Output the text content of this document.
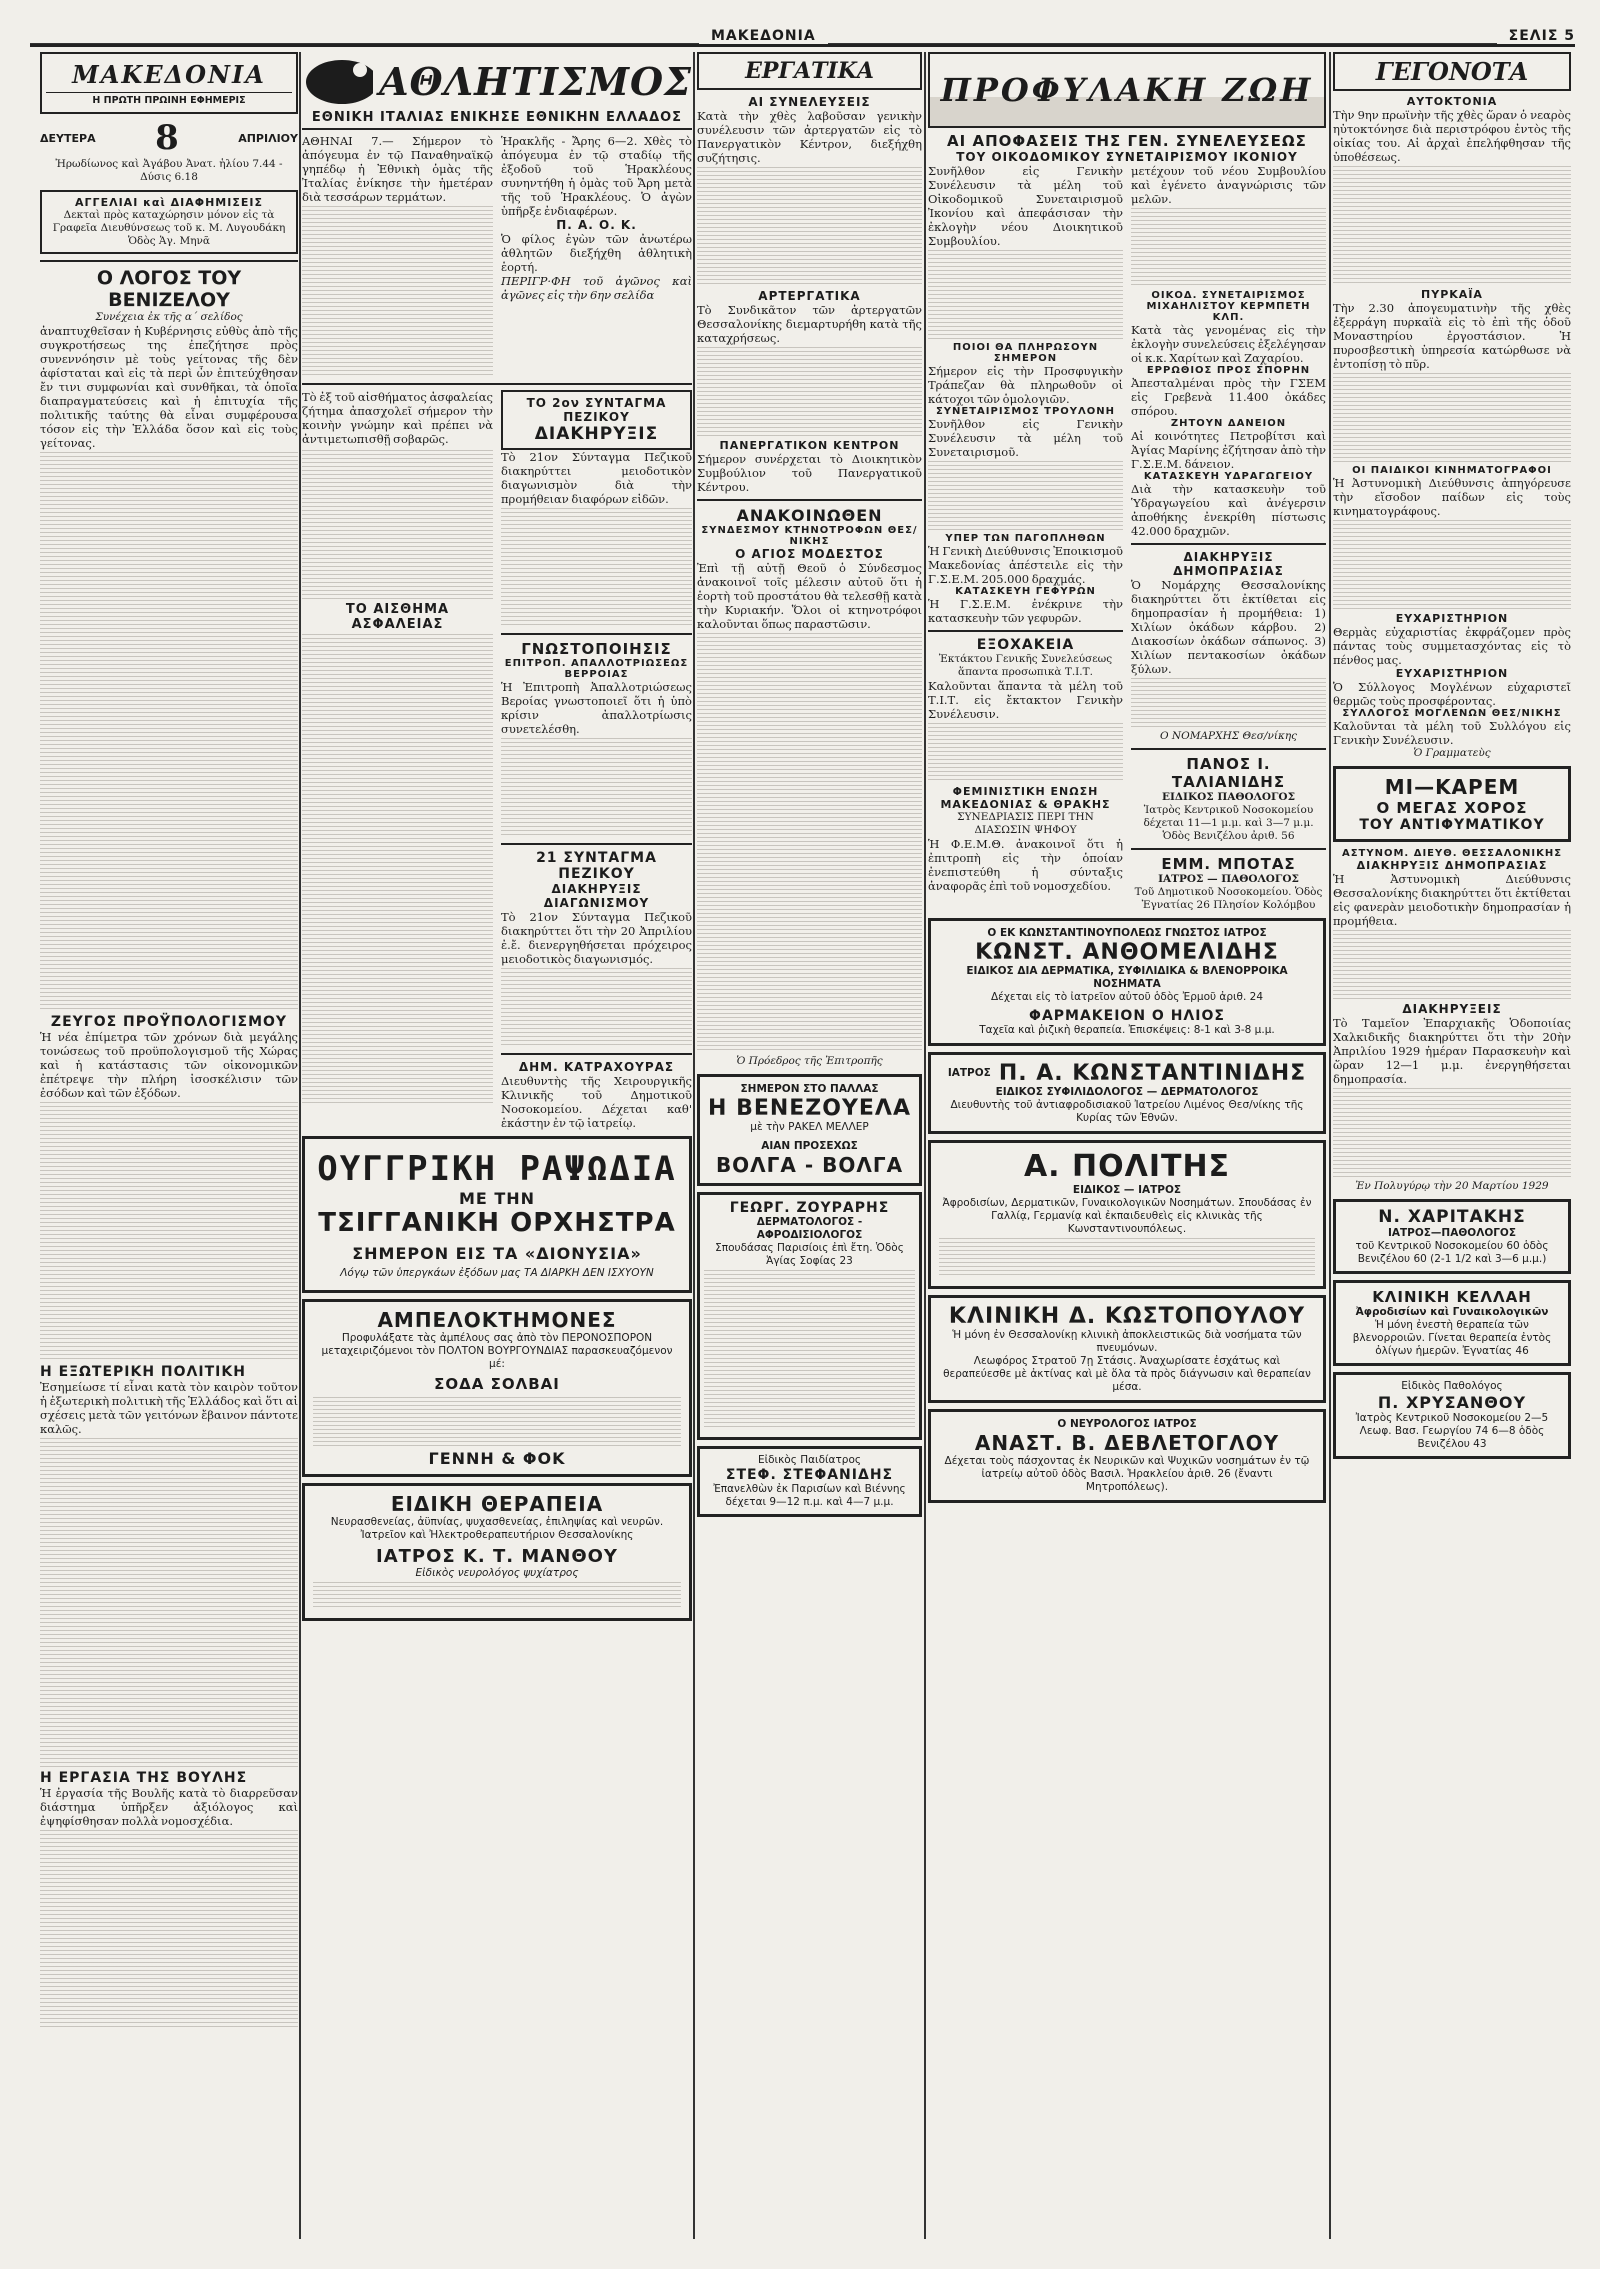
ΜΑΚΕΔΟΝΙΑ	ΣΕΛΙΣ 5
ΜΑΚΕΔΟΝΙΑ
Η ΠΡΩΤΗ ΠΡΩΙΝΗ ΕΦΗΜΕΡΙΣ
ΔΕΥΤΕΡΑ 8	ΑΠΡΙΛΙΟΥ
Ἠρωδίωνος καὶ Ἀγάβου Ἀνατ. ἡλίου 7.44 - Δύσις 6.18
ΑΓΓΕΛΙΑΙ καὶ ΔΙΑΦΗΜΙΣΕΙΣ
Δεκταὶ πρὸς καταχώρησιν μόνον εἰς τὰ Γραφεῖα Διευθύνσεως τοῦ κ. Μ. Λυγουδάκη Ὁδὸς Ἁγ. Μηνᾶ
Ο ΛΟΓΟΣ ΤΟΥ ΒΕΝΙΖΕΛΟΥ
Συνέχεια ἐκ τῆς α΄ σελίδος
ἀναπτυχθεῖσαν ἡ Κυβέρνησις εὐθὺς ἀπὸ τῆς συγκροτήσεως της ἐπεζήτησε πρὸς συνεννόησιν μὲ τοὺς γείτονας τῆς δὲν ἀφίσταται καὶ εἰς τὰ περὶ ὧν ἐπιτεύχθησαν ἔν τινι συμφωνίαι καὶ συνθῆκαι, τὰ ὁποῖα διαπραγματεύσεις καὶ ἡ ἐπιτυχία τῆς πολιτικῆς ταύτης θὰ εἶναι συμφέρουσα τόσον εἰς τὴν Ἑλλάδα ὅσον καὶ εἰς τοὺς γείτονας.
ΖΕΥΓΟΣ ΠΡΟΫΠΟΛΟΓΙΣΜΟΥ
Ἡ νέα ἐπίμετρα τῶν χρόνων διὰ μεγάλης τονώσεως τοῦ προϋπολογισμοῦ τῆς Χώρας καὶ ἡ κατάστασις τῶν οἰκονομικῶν ἐπέτρεψε τὴν πλήρη ἰσοσκέλισιν τῶν ἐσόδων καὶ τῶν ἐξόδων.
Η ΕΞΩΤΕΡΙΚΗ ΠΟΛΙΤΙΚΗ
Ἐσημείωσε τί εἶναι κατὰ τὸν καιρὸν τοῦτον ἡ ἐξωτερικὴ πολιτικὴ τῆς Ἑλλάδος καὶ ὅτι αἱ σχέσεις μετὰ τῶν γειτόνων ἔβαινον πάντοτε καλῶς.
Η ΕΡΓΑΣΙΑ ΤΗΣ ΒΟΥΛΗΣ
Ἡ ἐργασία τῆς Βουλῆς κατὰ τὸ διαρρεῦσαν διάστημα ὑπῆρξεν ἀξιόλογος καὶ ἐψηφίσθησαν πολλὰ νομοσχέδια.
ΑΘΛΗΤΙΣΜΟΣ
ΕΘΝΙΚΗ ΙΤΑΛΙΑΣ ΕΝΙΚΗΣΕ ΕΘΝΙΚΗΝ ΕΛΛΑΔΟΣ
ΑΘΗΝΑΙ 7.— Σήμερον τὸ ἀπόγευμα ἐν τῷ Παναθηναϊκῷ γηπέδῳ ἡ Ἐθνικὴ ὁμὰς τῆς Ἰταλίας ἐνίκησε τὴν ἡμετέραν διὰ τεσσάρων τερμάτων.
Ἡρακλῆς - Ἄρης 6—2. Χθὲς τὸ ἀπόγευμα ἐν τῷ σταδίῳ τῆς ἐξοδοῦ τοῦ Ἡρακλέους συνηντήθη ἡ ὁμὰς τοῦ Ἄρη μετὰ τῆς τοῦ Ἡρακλέους. Ὁ ἀγὼν ὑπῆρξε ἐνδιαφέρων.
Π. Α. Ο. Κ.
Ὁ φίλος ἐγὼν τῶν ἀνωτέρω ἀθλητῶν διεξήχθη ἀθλητικὴ ἑορτή.
ΠΕΡΙΓΡ·ΦΗ τοῦ ἀγῶνος καὶ ἀγῶνες εἰς τὴν 6ην σελίδα
Τὸ ἐξ τοῦ αἰσθήματος ἀσφαλείας ζήτημα ἀπασχολεῖ σήμερον τὴν κοινὴν γνώμην καὶ πρέπει νὰ ἀντιμετωπισθῇ σοβαρῶς.
ΤΟ ΑΙΣΘΗΜΑ ΑΣΦΑΛΕΙΑΣ
ΤΟ 2ον ΣΥΝΤΑΓΜΑ ΠΕΖΙΚΟΥ
ΔΙΑΚΗΡΥΞΙΣ
Τὸ 21ον Σύνταγμα Πεζικοῦ διακηρύττει μειοδοτικὸν διαγωνισμὸν διὰ τὴν προμήθειαν διαφόρων εἰδῶν.
ΓΝΩΣΤΟΠΟΙΗΣΙΣ
ΕΠΙΤΡΟΠ. ΑΠΑΛΛΟΤΡΙΩΣΕΩΣ ΒΕΡΡΟΙΑΣ
Ἡ Ἐπιτροπὴ Ἀπαλλοτριώσεως Βεροίας γνωστοποιεῖ ὅτι ἡ ὑπὸ κρίσιν ἀπαλλοτρίωσις συνετελέσθη.
21 ΣΥΝΤΑΓΜΑ ΠΕΖΙΚΟΥ
ΔΙΑΚΗΡΥΞΙΣ ΔΙΑΓΩΝΙΣΜΟΥ
Τὸ 21ον Σύνταγμα Πεζικοῦ διακηρύττει ὅτι τὴν 20 Ἀπριλίου ἐ.ἔ. διενεργηθήσεται πρόχειρος μειοδοτικὸς διαγωνισμός.
ΔΗΜ. ΚΑΤΡΑΧΟΥΡΑΣ
Διευθυντὴς τῆς Χειρουργικῆς Κλινικῆς τοῦ Δημοτικοῦ Νοσοκομείου. Δέχεται καθ' ἑκάστην ἐν τῷ ἰατρείῳ.
ΟΥΓΓΡΙΚΗ ΡΑΨΩΔΙΑ
ΜΕ ΤΗΝ
ΤΣΙΓΓΑΝΙΚΗ ΟΡΧΗΣΤΡΑ
ΣΗΜΕΡΟΝ ΕΙΣ ΤΑ «ΔΙΟΝΥΣΙΑ»
Λόγῳ τῶν ὑπεργκάων ἐξόδων μας ΤΑ ΔΙΑΡΚΗ ΔΕΝ ΙΣΧΥΟΥΝ
ΑΜΠΕΛΟΚΤΗΜΟΝΕΣ
Προφυλάξατε τὰς ἀμπέλους σας ἀπὸ τὸν ΠΕΡΟΝΟΣΠΟΡΟΝ μεταχειριζόμενοι τὸν ΠΟΛΤΟΝ ΒΟΥΡΓΟΥΝΔΙΑΣ παρασκευαζόμενον μέ:
ΣΟΔΑ ΣΟΛΒΑΙ
ΓΕΝΝΗ & ΦΟΚ
ΕΙΔΙΚΗ ΘΕΡΑΠΕΙΑ
Νευρασθενείας, ἀϋπνίας, ψυχασθενείας, ἐπιληψίας καὶ νευρῶν. Ἰατρεῖον καὶ Ἠλεκτροθεραπευτήριον Θεσσαλονίκης
ΙΑΤΡΟΣ Κ. Τ. ΜΑΝΘΟΥ
Εἰδικὸς νευρολόγος ψυχίατρος
ΕΡΓΑΤΙΚΑ
ΑΙ ΣΥΝΕΛΕΥΣΕΙΣ
Κατὰ τὴν χθὲς λαβοῦσαν γενικὴν συνέλευσιν τῶν ἀρτεργατῶν εἰς τὸ Πανεργατικὸν Κέντρον, διεξήχθη συζήτησις.
ΑΡΤΕΡΓΑΤΙΚΑ
Τὸ Συνδικᾶτον τῶν ἀρτεργατῶν Θεσσαλονίκης διεμαρτυρήθη κατὰ τῆς καταχρήσεως.
ΠΑΝΕΡΓΑΤΙΚΟΝ ΚΕΝΤΡΟΝ
Σήμερον συνέρχεται τὸ Διοικητικὸν Συμβούλιον τοῦ Πανεργατικοῦ Κέντρου.
ΑΝΑΚΟΙΝΩΘΕΝ
ΣΥΝΔΕΣΜΟΥ ΚΤΗΝΟΤΡΟΦΩΝ ΘΕΣ/ΝΙΚΗΣ
Ο ΑΓΙΟΣ ΜΟΔΕΣΤΟΣ
Ἐπὶ τῇ αὐτῇ Θεοῦ ὁ Σύνδεσμος ἀνακοινοῖ τοῖς μέλεσιν αὐτοῦ ὅτι ἡ ἑορτὴ τοῦ προστάτου θὰ τελεσθῇ κατὰ τὴν Κυριακήν. Ὅλοι οἱ κτηνοτρόφοι καλοῦνται ὅπως παραστῶσιν.
Ὁ Πρόεδρος τῆς Ἐπιτροπῆς
ΣΗΜΕΡΟΝ ΣΤΟ ΠΑΛΛΑΣ
Η ΒΕΝΕΖΟΥΕΛΑ
μὲ τὴν ΡΑΚΕΛ ΜΕΛΛΕΡ
ΑΙΑΝ ΠΡΟΣΕΧΩΣ
ΒΟΛΓΑ - ΒΟΛΓΑ
ΓΕΩΡΓ. ΖΟΥΡΑΡΗΣ
ΔΕΡΜΑΤΟΛΟΓΟΣ - ΑΦΡΟΔΙΣΙΟΛΟΓΟΣ
Σπουδάσας Παρισίοις ἐπὶ ἔτη. Ὁδὸς Ἁγίας Σοφίας 23
Εἰδικὸς Παιδίατρος
ΣΤΕΦ. ΣΤΕΦΑΝΙΔΗΣ
Ἐπανελθὼν ἐκ Παρισίων καὶ Βιέννης δέχεται 9—12 π.μ. καὶ 4—7 μ.μ.
ΠΡΟΦΥΛΑΚΗ ΖΩΗ
ΑΙ ΑΠΟΦΑΣΕΙΣ ΤΗΣ ΓΕΝ. ΣΥΝΕΛΕΥΣΕΩΣ
ΤΟΥ ΟΙΚΟΔΟΜΙΚΟΥ ΣΥΝΕΤΑΙΡΙΣΜΟΥ ΙΚΟΝΙΟΥ
Συνῆλθον εἰς Γενικὴν Συνέλευσιν τὰ μέλη τοῦ Οἰκοδομικοῦ Συνεταιρισμοῦ Ἰκονίου καὶ ἀπεφάσισαν τὴν ἐκλογὴν νέου Διοικητικοῦ Συμβουλίου.
ΠΟΙΟΙ ΘΑ ΠΛΗΡΩΣΟΥΝ ΣΗΜΕΡΟΝ
Σήμερον εἰς τὴν Προσφυγικὴν Τράπεζαν θὰ πληρωθοῦν οἱ κάτοχοι τῶν ὁμολογιῶν.
ΣΥΝΕΤΑΙΡΙΣΜΟΣ ΤΡΟΥΛΟΝΗ
Συνῆλθον εἰς Γενικὴν Συνέλευσιν τὰ μέλη τοῦ Συνεταιρισμοῦ.
ΥΠΕΡ ΤΩΝ ΠΑΓΟΠΛΗΘΩΝ
Ἡ Γενικὴ Διεύθυνσις Ἐποικισμοῦ Μακεδονίας ἀπέστειλε εἰς τὴν Γ.Σ.Ε.Μ. 205.000 δραχμάς.
ΚΑΤΑΣΚΕΥΗ ΓΕΦΥΡΩΝ
Ἡ Γ.Σ.Ε.Μ. ἐνέκρινε τὴν κατασκευὴν τῶν γεφυρῶν.
ΕΞΟΧΑΚΕΙΑ
Ἐκτάκτου Γενικῆς Συνελεύσεως ἅπαντα προσωπικὰ Τ.Ι.Τ.
Καλοῦνται ἅπαντα τὰ μέλη τοῦ Τ.Ι.Τ. εἰς ἔκτακτον Γενικὴν Συνέλευσιν.
ΦΕΜΙΝΙΣΤΙΚΗ ΕΝΩΣΗ
ΜΑΚΕΔΟΝΙΑΣ & ΘΡΑΚΗΣ
ΣΥΝΕΔΡΙΑΣΙΣ ΠΕΡΙ ΤΗΝ ΔΙΑΣΩΣΙΝ ΨΗΦΟΥ
Ἡ Φ.Ε.Μ.Θ. ἀνακοινοῖ ὅτι ἡ ἐπιτροπὴ εἰς τὴν ὁποίαν ἐνεπιστεύθη ἡ σύνταξις ἀναφορᾶς ἐπὶ τοῦ νομοσχεδίου.
μετέχουν τοῦ νέου Συμβουλίου καὶ ἐγένετο ἀναγνώρισις τῶν μελῶν.
ΟΙΚΟΔ. ΣΥΝΕΤΑΙΡΙΣΜΟΣ ΜΙΧΑΗΛΙΣΤΟΥ ΚΕΡΜΠΕΤΗ ΚΛΠ.
Κατὰ τὰς γενομένας εἰς τὴν ἐκλογὴν συνελεύσεις ἐξελέγησαν οἱ κ.κ. Χαρίτων καὶ Ζαχαρίου.
ΕΡΡΩΘΙΟΣ ΠΡΟΣ ΣΠΟΡΗΝ
Ἀπεσταλμέναι πρὸς τὴν ΓΣΕΜ εἰς Γρεβενὰ 11.400 ὀκάδες σπόρου.
ΖΗΤΟΥΝ ΔΑΝΕΙΟΝ
Αἱ κοινότητες Πετροβίτσι καὶ Ἀγίας Μαρίνης ἐζήτησαν ἀπὸ τὴν Γ.Σ.Ε.Μ. δάνειον.
ΚΑΤΑΣΚΕΥΗ ΥΔΡΑΓΩΓΕΙΟΥ
Διὰ τὴν κατασκευὴν τοῦ Ὑδραγωγείου καὶ ἀνέγερσιν ἀποθήκης ἐνεκρίθη πίστωσις 42.000 δραχμῶν.
ΔΙΑΚΗΡΥΞΙΣ ΔΗΜΟΠΡΑΣΙΑΣ
Ὁ Νομάρχης Θεσσαλονίκης διακηρύττει ὅτι ἐκτίθεται εἰς δημοπρασίαν ἡ προμήθεια: 1) Χιλίων ὀκάδων κάρβου. 2) Διακοσίων ὀκάδων σάπωνος. 3) Χιλίων πεντακοσίων ὀκάδων ξύλων.
Ο ΝΟΜΑΡΧΗΣ Θεσ/νίκης
ΠΑΝΟΣ Ι. ΤΑΛΙΑΝΙΔΗΣ
ΕΙΔΙΚΟΣ ΠΑΘΟΛΟΓΟΣ
Ἰατρὸς Κεντρικοῦ Νοσοκομείου δέχεται 11—1 μ.μ. καὶ 3—7 μ.μ. Ὁδὸς Βενιζέλου ἀριθ. 56
ΕΜΜ. ΜΠΟΤΑΣ
ΙΑΤΡΟΣ — ΠΑΘΟΛΟΓΟΣ
Τοῦ Δημοτικοῦ Νοσοκομείου. Ὁδὸς Ἐγνατίας 26 Πλησίον Κολόμβου
Ο ΕΚ ΚΩΝΣΤΑΝΤΙΝΟΥΠΟΛΕΩΣ ΓΝΩΣΤΟΣ ΙΑΤΡΟΣ
ΚΩΝΣΤ. ΑΝΘΟΜΕΛΙΔΗΣ
ΕΙΔΙΚΟΣ ΔΙΑ ΔΕΡΜΑΤΙΚΑ, ΣΥΦΙΛΙΔΙΚΑ & ΒΛΕΝΟΡΡΟΙΚΑ ΝΟΣΗΜΑΤΑ
Δέχεται εἰς τὸ ἰατρεῖον αὐτοῦ ὁδὸς Ἐρμοῦ ἀριθ. 24
ΦΑΡΜΑΚΕΙΟΝ Ο ΗΛΙΟΣ
Ταχεῖα καὶ ῥιζικὴ θεραπεία. Ἐπισκέψεις: 8-1 καὶ 3-8 μ.μ.
ΙΑΤΡΟΣ Π. Α. ΚΩΝΣΤΑΝΤΙΝΙΔΗΣ
ΕΙΔΙΚΟΣ ΣΥΦΙΛΙΔΟΛΟΓΟΣ — ΔΕΡΜΑΤΟΛΟΓΟΣ
Διευθυντὴς τοῦ ἀντιαφροδισιακοῦ Ἰατρείου Λιμένος Θεσ/νίκης τῆς Κυρίας τῶν Ἐθνῶν.
Α. ΠΟΛΙΤΗΣ
ΕΙΔΙΚΟΣ — ΙΑΤΡΟΣ
Ἀφροδισίων, Δερματικῶν, Γυναικολογικῶν Νοσημάτων. Σπουδάσας ἐν Γαλλίᾳ, Γερμανίᾳ καὶ ἐκπαιδευθεὶς εἰς κλινικὰς τῆς Κωνσταντινουπόλεως.
ΚΛΙΝΙΚΗ Δ. ΚΩΣΤΟΠΟΥΛΟΥ
Ἡ μόνη ἐν Θεσσαλονίκῃ κλινικὴ ἀποκλειστικῶς διὰ νοσήματα τῶν πνευμόνων.
Λεωφόρος Στρατοῦ 7ῃ Στάσις. Ἀναχωρίσατε ἐσχάτως καὶ θεραπεύεσθε μὲ ἀκτίνας καὶ μὲ ὅλα τὰ πρὸς διάγνωσιν καὶ θεραπείαν μέσα.
Ο ΝΕΥΡΟΛΟΓΟΣ ΙΑΤΡΟΣ
ΑΝΑΣΤ. Β. ΔΕΒΛΕΤΟΓΛΟΥ
Δέχεται τοὺς πάσχοντας ἐκ Νευρικῶν καὶ Ψυχικῶν νοσημάτων ἐν τῷ ἰατρείῳ αὐτοῦ ὁδὸς Βασιλ. Ἡρακλείου ἀριθ. 26 (ἔναντι Μητροπόλεως).
ΓΕΓΟΝΟΤΑ
ΑΥΤΟΚΤΟΝΙΑ
Τὴν 9ην πρωϊνὴν τῆς χθὲς ὥραν ὁ νεαρὸς ηὐτοκτόνησε διὰ περιστρόφου ἐντὸς τῆς οἰκίας του. Αἱ ἀρχαὶ ἐπελήφθησαν τῆς ὑποθέσεως.
ΠΥΡΚΑΪΑ
Τὴν 2.30 ἀπογευματινὴν τῆς χθὲς ἐξερράγη πυρκαϊὰ εἰς τὸ ἐπὶ τῆς ὁδοῦ Μοναστηρίου ἐργοστάσιον. Ἡ πυροσβεστικὴ ὑπηρεσία κατώρθωσε νὰ ἐντοπίσῃ τὸ πῦρ.
ΟΙ ΠΑΙΔΙΚΟΙ ΚΙΝΗΜΑΤΟΓΡΑΦΟΙ
Ἡ Ἀστυνομικὴ Διεύθυνσις ἀπηγόρευσε τὴν εἴσοδον παίδων εἰς τοὺς κινηματογράφους.
ΕΥΧΑΡΙΣΤΗΡΙΟΝ
Θερμὰς εὐχαριστίας ἐκφράζομεν πρὸς πάντας τοὺς συμμετασχόντας εἰς τὸ πένθος μας.
ΕΥΧΑΡΙΣΤΗΡΙΟΝ
Ὁ Σύλλογος Μογλένων εὐχαριστεῖ θερμῶς τοὺς προσφέροντας.
ΣΥΛΛΟΓΟΣ ΜΟΓΛΕΝΩΝ ΘΕΣ/ΝΙΚΗΣ
Καλοῦνται τὰ μέλη τοῦ Συλλόγου εἰς Γενικὴν Συνέλευσιν.
Ὁ Γραμματεὺς
ΜΙ—ΚΑΡΕΜ
Ο ΜΕΓΑΣ ΧΟΡΟΣ
ΤΟΥ ΑΝΤΙΦΥΜΑΤΙΚΟΥ
ΑΣΤΥΝΟΜ. ΔΙΕΥΘ. ΘΕΣΣΑΛΟΝΙΚΗΣ
ΔΙΑΚΗΡΥΞΙΣ ΔΗΜΟΠΡΑΣΙΑΣ
Ἡ Ἀστυνομικὴ Διεύθυνσις Θεσσαλονίκης διακηρύττει ὅτι ἐκτίθεται εἰς φανερὰν μειοδοτικὴν δημοπρασίαν ἡ προμήθεια.
ΔΙΑΚΗΡΥΞΕΙΣ
Τὸ Ταμεῖον Ἐπαρχιακῆς Ὁδοποιίας Χαλκιδικῆς διακηρύττει ὅτι τὴν 20ὴν Ἀπριλίου 1929 ἡμέραν Παρασκευὴν καὶ ὥραν 12—1 μ.μ. ἐνεργηθήσεται δημοπρασία.
Ἐν Πολυγύρῳ τὴν 20 Μαρτίου 1929
Ν. ΧΑΡΙΤΑΚΗΣ
ΙΑΤΡΟΣ—ΠΑΘΟΛΟΓΟΣ
τοῦ Κεντρικοῦ Νοσοκομείου 60 ὁδὸς Βενιζέλου 60 (2-1 1/2 καὶ 3—6 μ.μ.)
ΚΛΙΝΙΚΗ ΚΕΛΛΑΗ
Ἀφροδισίων καὶ Γυναικολογικῶν
Ἡ μόνη ἐνεστὴ θεραπεία τῶν βλενορροιῶν. Γίνεται θεραπεία ἐντὸς ὀλίγων ἡμερῶν. Ἐγνατίας 46
Εἰδικὸς Παθολόγος
Π. ΧΡΥΣΑΝΘΟΥ
Ἰατρὸς Κεντρικοῦ Νοσοκομείου 2—5 Λεωφ. Βασ. Γεωργίου 74 6—8 ὁδὸς Βενιζέλου 43
